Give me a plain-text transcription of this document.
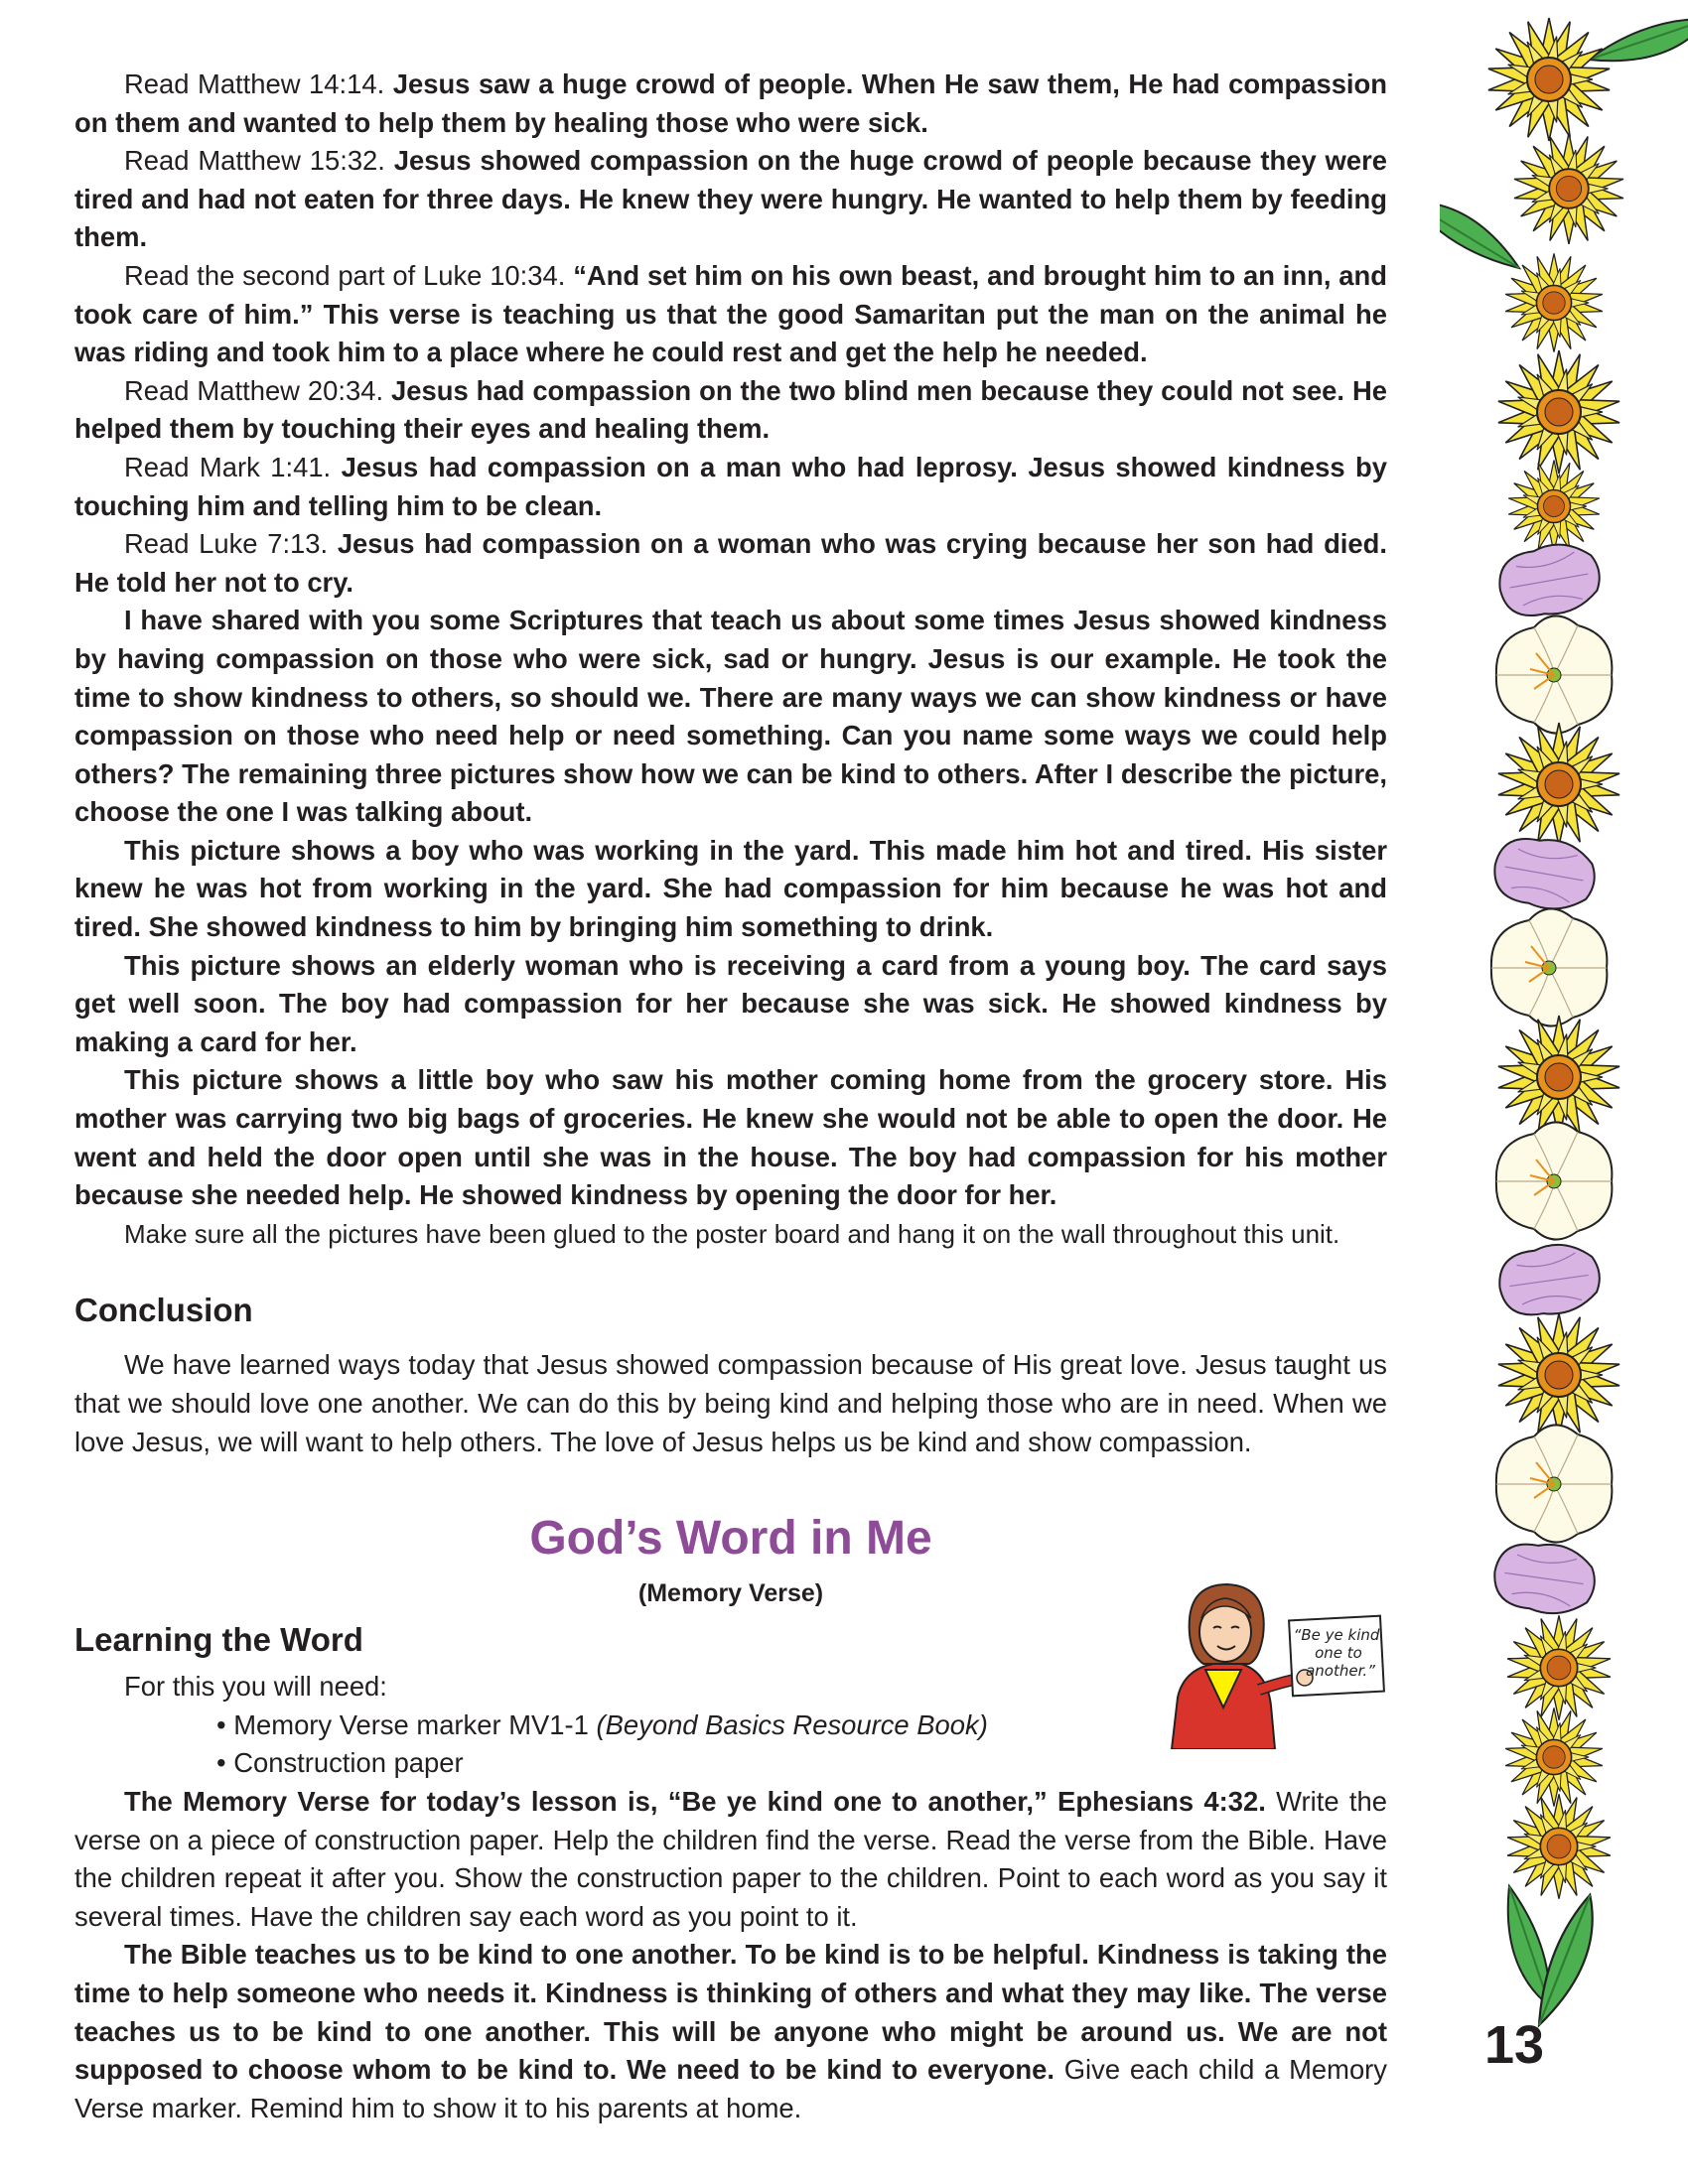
Read Matthew 14:14. Jesus saw a huge crowd of people. When He saw them, He had compassion on them and wanted to help them by healing those who were sick.

Read Matthew 15:32. Jesus showed compassion on the huge crowd of people because they were tired and had not eaten for three days. He knew they were hungry. He wanted to help them by feeding them.

Read the second part of Luke 10:34. “And set him on his own beast, and brought him to an inn, and took care of him.” This verse is teaching us that the good Samaritan put the man on the animal he was riding and took him to a place where he could rest and get the help he needed.

Read Matthew 20:34. Jesus had compassion on the two blind men because they could not see. He helped them by touching their eyes and healing them.

Read Mark 1:41. Jesus had compassion on a man who had leprosy. Jesus showed kindness by touching him and telling him to be clean.

Read Luke 7:13. Jesus had compassion on a woman who was crying because her son had died. He told her not to cry.

I have shared with you some Scriptures that teach us about some times Jesus showed kindness by having compassion on those who were sick, sad or hungry. Jesus is our example. He took the time to show kindness to others, so should we. There are many ways we can show kindness or have compassion on those who need help or need something. Can you name some ways we could help others? The remaining three pictures show how we can be kind to others. After I describe the picture, choose the one I was talking about.

This picture shows a boy who was working in the yard. This made him hot and tired. His sister knew he was hot from working in the yard. She had compassion for him because he was hot and tired. She showed kindness to him by bringing him something to drink.

This picture shows an elderly woman who is receiving a card from a young boy. The card says get well soon. The boy had compassion for her because she was sick. He showed kindness by making a card for her.

This picture shows a little boy who saw his mother coming home from the grocery store. His mother was carrying two big bags of groceries. He knew she would not be able to open the door. He went and held the door open until she was in the house. The boy had compassion for his mother because she needed help. He showed kindness by opening the door for her.

Make sure all the pictures have been glued to the poster board and hang it on the wall throughout this unit.

Conclusion

We have learned ways today that Jesus showed compassion because of His great love. Jesus taught us that we should love one another. We can do this by being kind and helping those who are in need. When we love Jesus, we will want to help others. The love of Jesus helps us be kind and show compassion.

God’s Word in Me
(Memory Verse)
Learning the Word

For this you will need:

• Memory Verse marker MV1-1 (Beyond Basics Resource Book)

• Construction paper

The Memory Verse for today’s lesson is, “Be ye kind one to another,” Ephesians 4:32. Write the verse on a piece of construction paper. Help the children find the verse. Read the verse from the Bible. Have the children repeat it after you. Show the construction paper to the children. Point to each word as you say it several times. Have the children say each word as you point to it.

The Bible teaches us to be kind to one another. To be kind is to be helpful. Kindness is taking the time to help someone who needs it. Kindness is thinking of others and what they may like. The verse teaches us to be kind to one another. This will be anyone who might be around us. We are not supposed to choose whom to be kind to. We need to be kind to everyone. Give each child a Memory Verse marker. Remind him to show it to his parents at home.

“Be ye kind
one to
another.”
13
